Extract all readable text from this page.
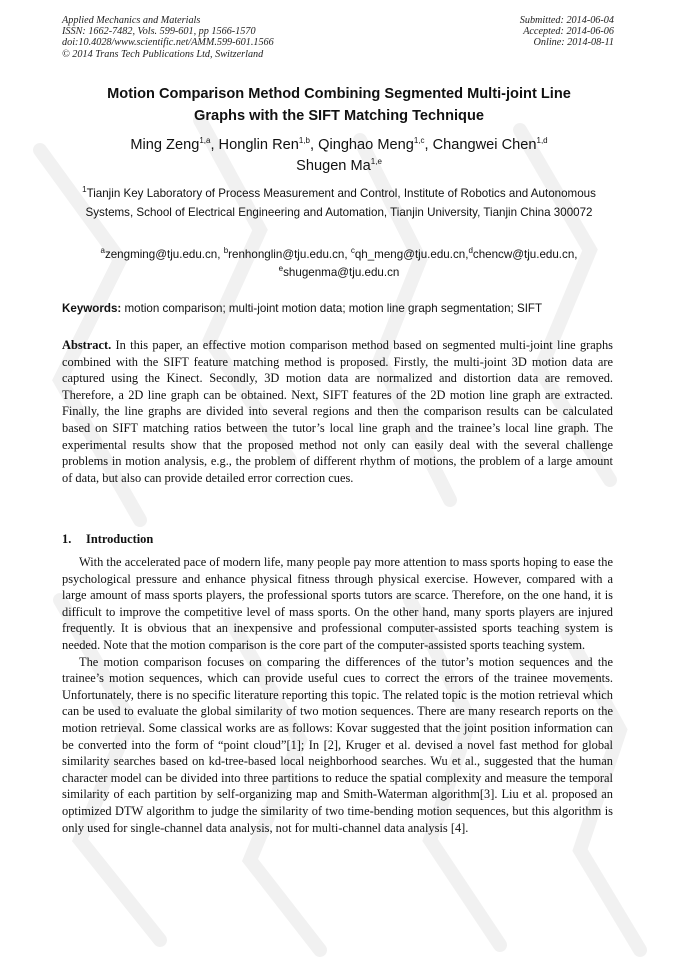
Applied Mechanics and Materials
ISSN: 1662-7482, Vols. 599-601, pp 1566-1570
doi:10.4028/www.scientific.net/AMM.599-601.1566
© 2014 Trans Tech Publications Ltd, Switzerland
Submitted: 2014-06-04
Accepted: 2014-06-06
Online: 2014-08-11
Motion Comparison Method Combining Segmented Multi-joint Line
Graphs with the SIFT Matching Technique
Ming Zeng$^{1,a}$, Honglin Ren$^{1,b}$, Qinghao Meng$^{1,c}$, Changwei Chen$^{1,d}$
Shugen Ma$^{1,e}$
$^1$Tianjin Key Laboratory of Process Measurement and Control, Institute of Robotics and Autonomous Systems, School of Electrical Engineering and Automation, Tianjin University, Tianjin China 300072
$^a$zengming@tju.edu.cn, $^b$renhonglin@tju.edu.cn, $^c$qh_meng@tju.edu.cn,$^d$chencw@tju.edu.cn,
$^e$shugenma@tju.edu.cn
Keywords: motion comparison; multi-joint motion data; motion line graph segmentation; SIFT
Abstract. In this paper, an effective motion comparison method based on segmented multi-joint line graphs combined with the SIFT feature matching method is proposed. Firstly, the multi-joint 3D motion data are captured using the Kinect. Secondly, 3D motion data are normalized and distortion data are removed. Therefore, a 2D line graph can be obtained. Next, SIFT features of the 2D motion line graph are extracted. Finally, the line graphs are divided into several regions and then the comparison results can be calculated based on SIFT matching ratios between the tutor’s local line graph and the trainee’s local line graph. The experimental results show that the proposed method not only can easily deal with the several challenge problems in motion analysis, e.g., the problem of different rhythm of motions, the problem of a large amount of data, but also can provide detailed error correction cues.
1. Introduction

With the accelerated pace of modern life, many people pay more attention to mass sports hoping to ease the psychological pressure and enhance physical fitness through physical exercise. However, compared with a large amount of mass sports players, the professional sports tutors are scarce. Therefore, on the one hand, it is difficult to improve the competitive level of mass sports. On the other hand, many sports players are injured frequently. It is obvious that an inexpensive and professional computer-assisted sports teaching system is needed. Note that the motion comparison is the core part of the computer-assisted sports teaching system.

The motion comparison focuses on comparing the differences of the tutor’s motion sequences and the trainee’s motion sequences, which can provide useful cues to correct the errors of the trainee movements. Unfortunately, there is no specific literature reporting this topic. The related topic is the motion retrieval which can be used to evaluate the global similarity of two motion sequences. There are many research reports on the motion retrieval. Some classical works are as follows: Kovar suggested that the joint position information can be converted into the form of “point cloud”[1]; In [2], Kruger et al. devised a novel fast method for global similarity searches based on kd-tree-based local neighborhood searches. Wu et al., suggested that the human character model can be divided into three partitions to reduce the spatial complexity and measure the temporal similarity of each partition by self-organizing map and Smith-Waterman algorithm[3]. Liu et al. proposed an optimized DTW algorithm to judge the similarity of two time-bending motion sequences, but this algorithm is only used for single-channel data analysis, not for multi-channel data analysis [4].
